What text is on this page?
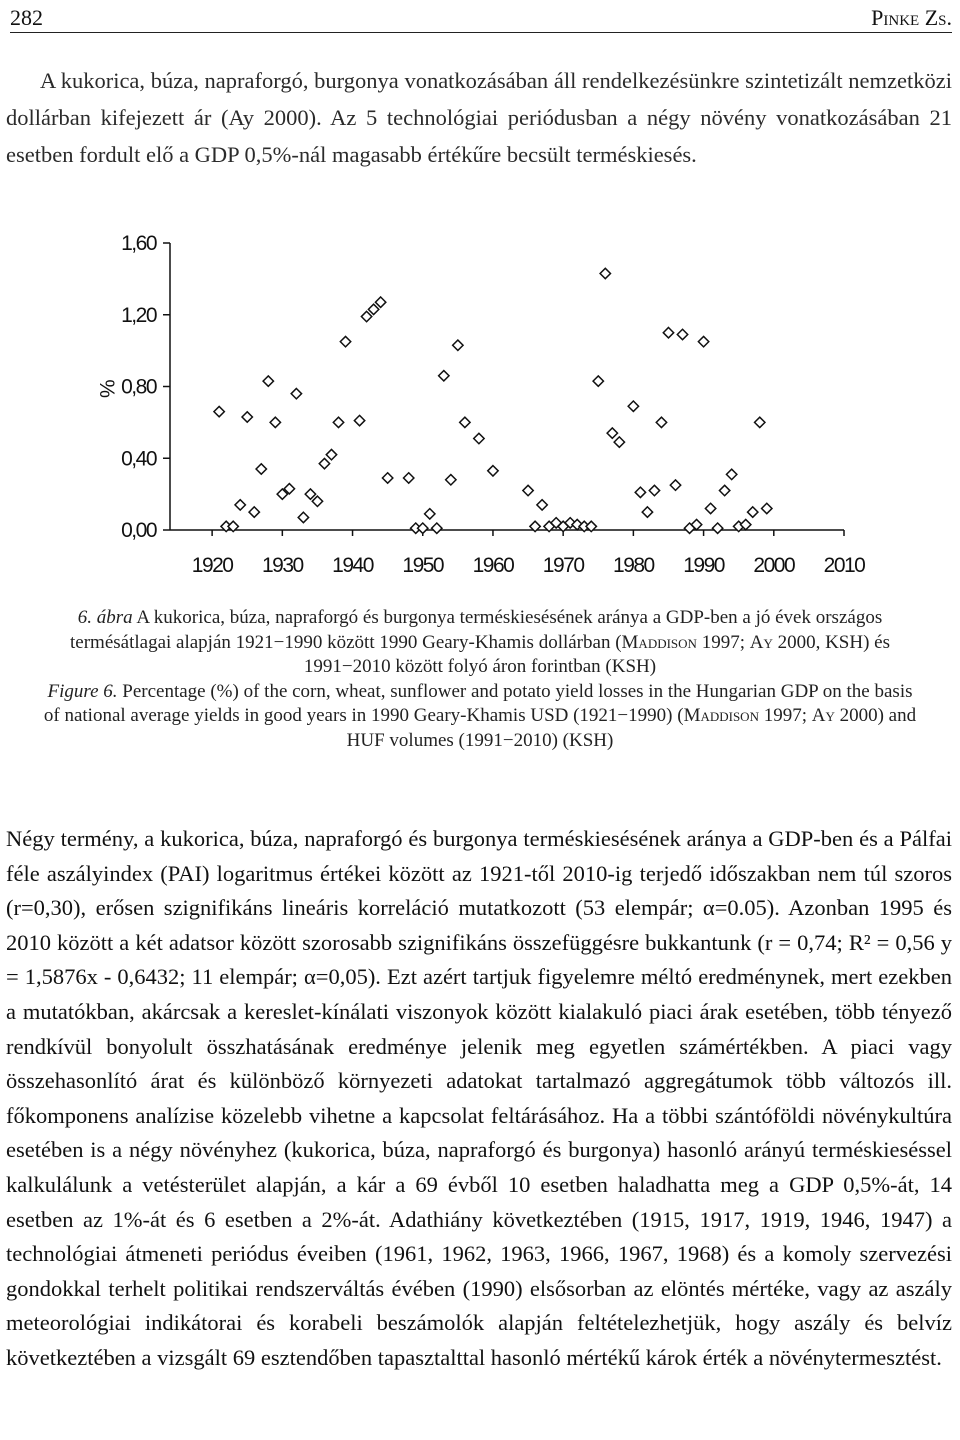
282	Pinke Zs.

A kukorica, búza, napraforgó, burgonya vonatkozásában áll rendelkezésünkre szintetizált nemzetközi dollárban kifejezett ár (Ay 2000). Az 5 technológiai periódusban a négy növény vonatkozásában 21 esetben fordult elő a GDP 0,5%-nál magasabb értékűre becsült terméskiesés.

0,00
0,40
0,80
1,20
1,60
1920 1930 1940 1950 1960 1970 1980 1990 2000 2010
%
6. ábra A kukorica, búza, napraforgó és burgonya terméskiesésének aránya a GDP-ben a jó évek országos termésátlagai alapján 1921−1990 között 1990 Geary-Khamis dollárban (Maddison 1997; Ay 2000, KSH) és 1991−2010 között folyó áron forintban (KSH)
Figure 6. Percentage (%) of the corn, wheat, sunflower and potato yield losses in the Hungarian GDP on the basis of national average yields in good years in 1990 Geary-Khamis USD (1921−1990) (Maddison 1997; Ay 2000) and HUF volumes (1991−2010) (KSH)

Négy termény, a kukorica, búza, napraforgó és burgonya terméskiesésének aránya a GDP-ben és a Pálfai féle aszályindex (PAI) logaritmus értékei között az 1921-től 2010-ig terjedő időszakban nem túl szoros (r=0,30), erősen szignifikáns lineáris korreláció mutatkozott (53 elempár; α=0.05). Azonban 1995 és 2010 között a két adatsor között szorosabb szignifikáns összefüggésre bukkantunk (r = 0,74; R² = 0,56 y = 1,5876x - 0,6432; 11 elempár; α=0,05). Ezt azért tartjuk figyelemre méltó eredménynek, mert ezekben a mutatókban, akárcsak a kereslet-kínálati viszonyok között kialakuló piaci árak esetében, több tényező rendkívül bonyolult összhatásának eredménye jelenik meg egyetlen számértékben. A piaci vagy összehasonlító árat és különböző környezeti adatokat tartalmazó aggregátumok több változós ill. főkomponens analízise közelebb vihetne a kapcsolat feltárásához. Ha a többi szántóföldi növénykultúra esetében is a négy növényhez (kukorica, búza, napraforgó és burgonya) hasonló arányú terméskieséssel kalkulálunk a vetésterület alapján, a kár a 69 évből 10 esetben haladhatta meg a GDP 0,5%-át, 14 esetben az 1%-át és 6 esetben a 2%-át. Adathiány következtében (1915, 1917, 1919, 1946, 1947) a technológiai átmeneti periódus éveiben (1961, 1962, 1963, 1966, 1967, 1968) és a komoly szervezési gondokkal terhelt politikai rendszerváltás évében (1990) elsősorban az elöntés mértéke, vagy az aszály meteorológiai indikátorai és korabeli beszámolók alapján feltételezhetjük, hogy aszály és belvíz következtében a vizsgált 69 esztendőben tapasztalttal hasonló mértékű károk érték a növénytermesztést.
